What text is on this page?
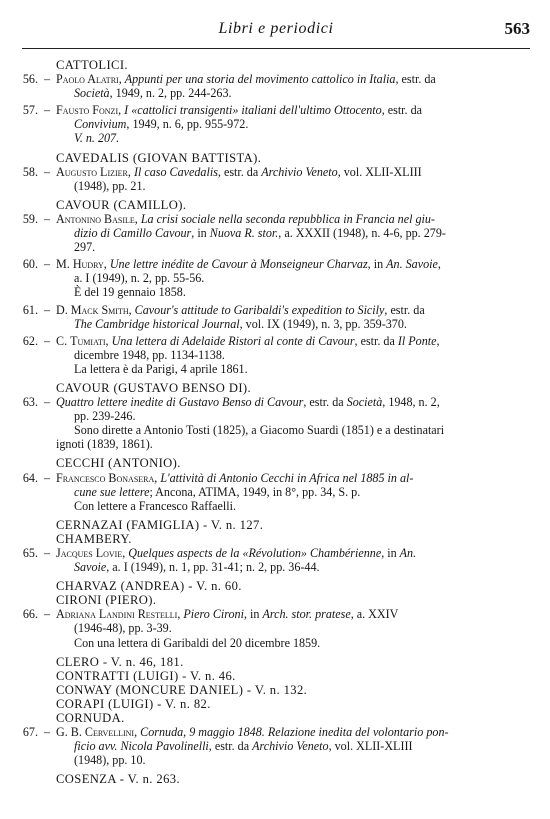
Libri e periodici	563
CATTOLICI.
56. – Paolo Alatri, Appunti per una storia del movimento cattolico in Italia, estr. da
Società, 1949, n. 2, pp. 244-263.
57. – Fausto Fonzi, I «cattolici transigenti» italiani dell'ultimo Ottocento, estr. da
Convivium, 1949, n. 6, pp. 955-972.
V. n. 207.
CAVEDALIS (GIOVAN BATTISTA).
58. – Augusto Lizier, Il caso Cavedalis, estr. da Archivio Veneto, vol. XLII-XLIII
(1948), pp. 21.
CAVOUR (CAMILLO).
59. – Antonino Basile, La crisi sociale nella seconda repubblica in Francia nel giu-
dizio di Camillo Cavour, in Nuova R. stor., a. XXXII (1948), n. 4-6, pp. 279-
297.
60. – M. Hudry, Une lettre inédite de Cavour à Monseigneur Charvaz, in An. Savoie,
a. I (1949), n. 2, pp. 55-56.
È del 19 gennaio 1858.
61. – D. Mack Smith, Cavour's attitude to Garibaldi's expedition to Sicily, estr. da
The Cambridge historical Journal, vol. IX (1949), n. 3, pp. 359-370.
62. – C. Tumiati, Una lettera di Adelaide Ristori al conte di Cavour, estr. da Il Ponte,
dicembre 1948, pp. 1134-1138.
La lettera è da Parigi, 4 aprile 1861.
CAVOUR (GUSTAVO BENSO DI).
63. – Quattro lettere inedite di Gustavo Benso di Cavour, estr. da Società, 1948, n. 2,
pp. 239-246.
Sono dirette a Antonio Tosti (1825), a Giacomo Suardi (1851) e a destinatari
ignoti (1839, 1861).
CECCHI (ANTONIO).
64. – Francesco Bonasera, L'attività di Antonio Cecchi in Africa nel 1885 in al-
cune sue lettere; Ancona, ATIMA, 1949, in 8°, pp. 34, S. p.
Con lettere a Francesco Raffaelli.
CERNAZAI (FAMIGLIA) - V. n. 127.
CHAMBERY.
65. – Jacques Lovie, Quelques aspects de la «Révolution» Chambérienne, in An.
Savoie, a. I (1949), n. 1, pp. 31-41; n. 2, pp. 36-44.
CHARVAZ (ANDREA) - V. n. 60.
CIRONI (PIERO).
66. – Adriana Landini Restelli, Piero Cironi, in Arch. stor. pratese, a. XXIV
(1946-48), pp. 3-39.
Con una lettera di Garibaldi del 20 dicembre 1859.
CLERO - V. n. 46, 181.
CONTRATTI (LUIGI) - V. n. 46.
CONWAY (MONCURE DANIEL) - V. n. 132.
CORAPI (LUIGI) - V. n. 82.
CORNUDA.
67. – G. B. Cervellini, Cornuda, 9 maggio 1848. Relazione inedita del volontario pon-
ficio avv. Nicola Pavolinelli, estr. da Archivio Veneto, vol. XLII-XLIII
(1948), pp. 10.
COSENZA - V. n. 263.
